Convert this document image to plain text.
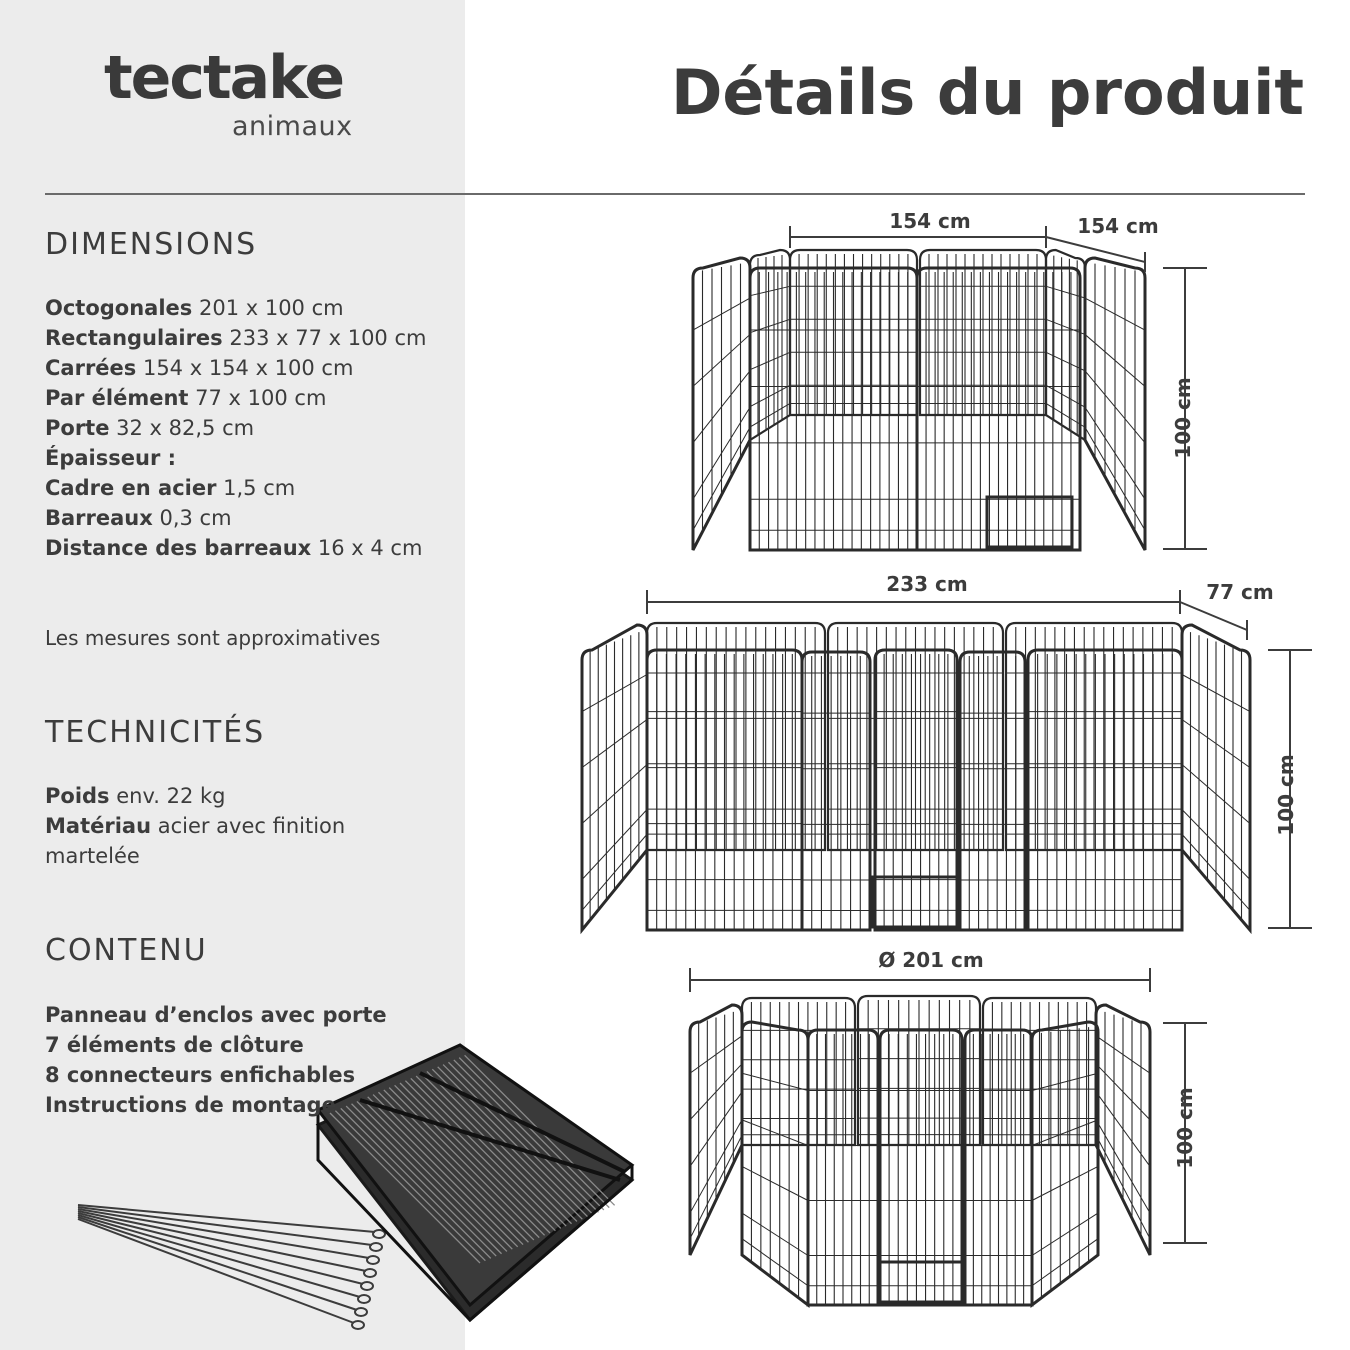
tectake
animaux	Détails du produit
DIMENSIONS
Octogonales 201 x 100 cm
Rectangulaires 233 x 77 x 100 cm
Carrées 154 x 154 x 100 cm
Par élément 77 x 100 cm
Porte 32 x 82,5 cm
Épaisseur :
Cadre en acier 1,5 cm
Barreaux 0,3 cm
Distance des barreaux 16 x 4 cm
Les mesures sont approximatives
TECHNICITÉS
Poids env. 22 kg
Matériau acier avec finition
martelée
CONTENU
Panneau d’enclos avec porte
7 éléments de clôture
8 connecteurs enfichables
Instructions de montage
154 cm	154 cm
100 cm
233 cm	77 cm
100 cm
Ø 201 cm
100 cm
